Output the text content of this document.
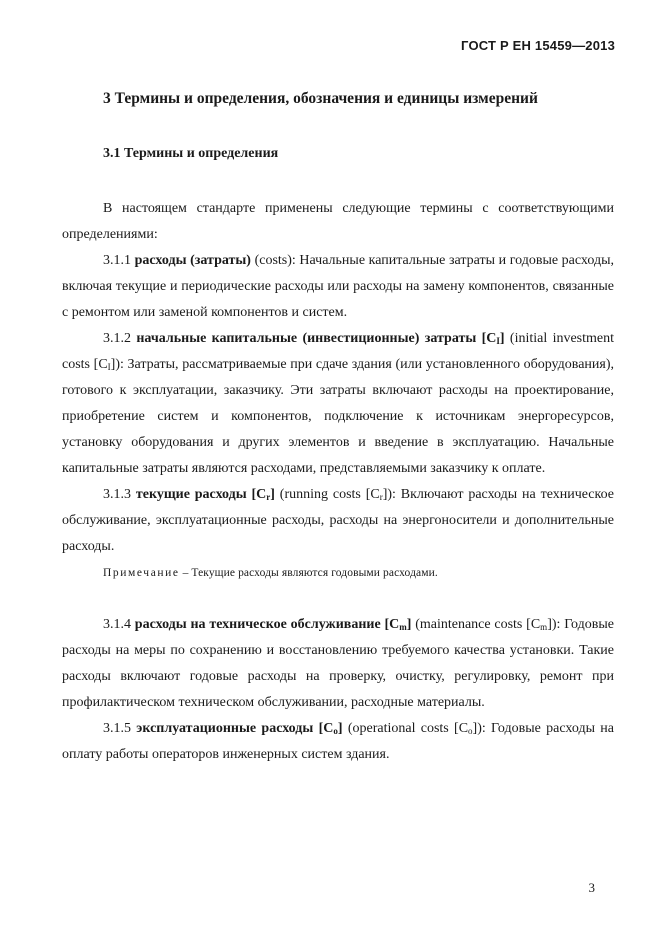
ГОСТ Р ЕН 15459—2013
3 Термины и определения, обозначения и единицы измерений
3.1 Термины и определения

В настоящем стандарте применены следующие термины с соответствующими определениями:

3.1.1 расходы (затраты) (costs): Начальные капитальные затраты и годовые расходы, включая текущие и периодические расходы или расходы на замену компонентов, связанные с ремонтом или заменой компонентов и систем.

3.1.2 начальные капитальные (инвестиционные) затраты $[C_I]$ (initial investment costs $[C_I]$): Затраты, рассматриваемые при сдаче здания (или установленного оборудования), готового к эксплуатации, заказчику. Эти затраты включают расходы на проектирование, приобретение систем и компонентов, подключение к источникам энергоресурсов, установку оборудования и других элементов и введение в эксплуатацию. Начальные капитальные затраты являются расходами, представляемыми заказчику к оплате.

3.1.3 текущие расходы $[C_r]$ (running costs $[C_r]$): Включают расходы на техническое обслуживание, эксплуатационные расходы, расходы на энергоносители и дополнительные расходы.

Примечание – Текущие расходы являются годовыми расходами.

3.1.4 расходы на техническое обслуживание $[C_m]$ (maintenance costs $[C_m]$): Годовые расходы на меры по сохранению и восстановлению требуемого качества установки. Такие расходы включают годовые расходы на проверку, очистку, регулировку, ремонт при профилактическом техническом обслуживании, расходные материалы.

3.1.5 эксплуатационные расходы $[C_o]$ (operational costs $[C_o]$): Годовые расходы на оплату работы операторов инженерных систем здания.

3
